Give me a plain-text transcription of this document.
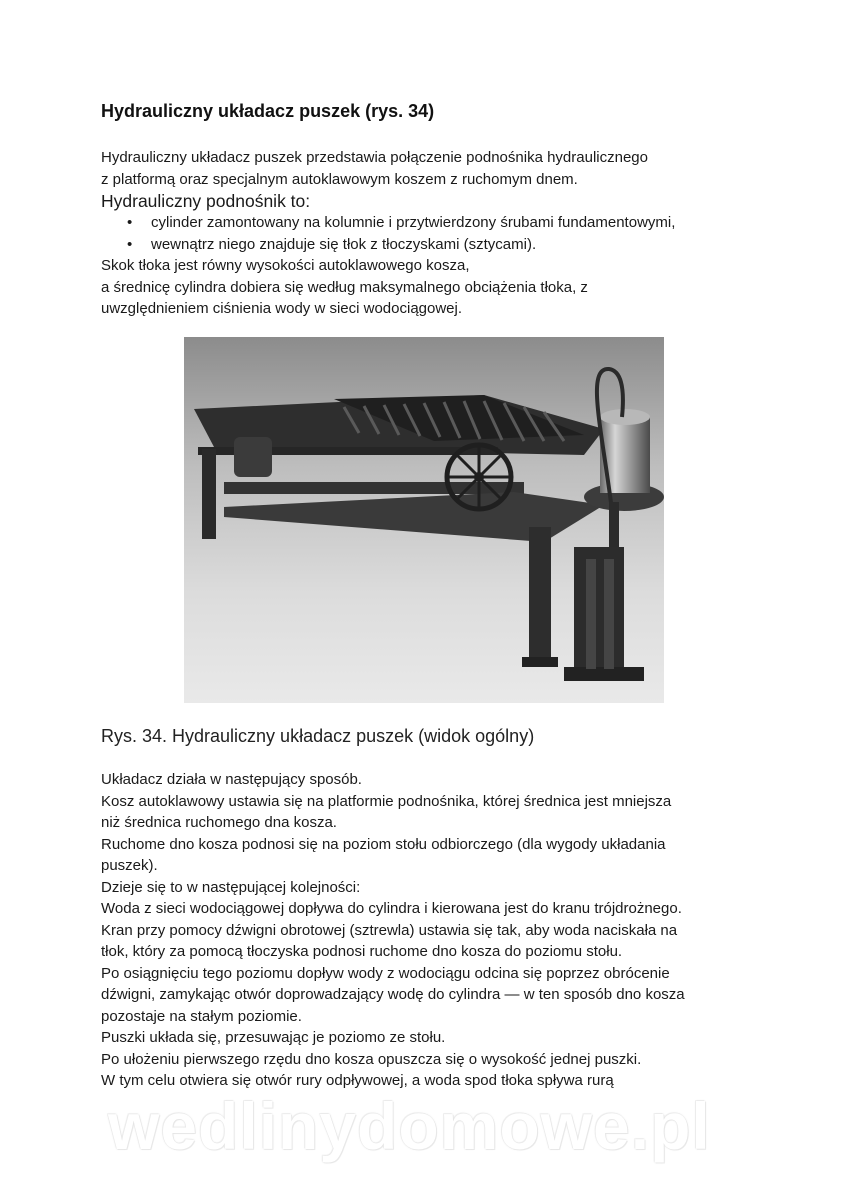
Hydrauliczny układacz puszek (rys. 34)

Hydrauliczny układacz puszek przedstawia połączenie podnośnika hydraulicznego

z platformą oraz specjalnym autoklawowym koszem z ruchomym dnem.

Hydrauliczny podnośnik to:

• cylinder zamontowany na kolumnie i przytwierdzony śrubami fundamentowymi,
• wewnątrz niego znajduje się tłok z tłoczyskami (sztycami).

Skok tłoka jest równy wysokości autoklawowego kosza,

a średnicę cylindra dobiera się według maksymalnego obciążenia tłoka, z

uwzględnieniem ciśnienia wody w sieci wodociągowej.

Rys. 34. Hydrauliczny układacz puszek (widok ogólny)

Układacz działa w następujący sposób.

Kosz autoklawowy ustawia się na platformie podnośnika, której średnica jest mniejsza

niż średnica ruchomego dna kosza.

Ruchome dno kosza podnosi się na poziom stołu odbiorczego (dla wygody układania

puszek).

Dzieje się to w następującej kolejności:

Woda z sieci wodociągowej dopływa do cylindra i kierowana jest do kranu trójdrożnego.

Kran przy pomocy dźwigni obrotowej (sztrewla) ustawia się tak, aby woda naciskała na

tłok, który za pomocą tłoczyska podnosi ruchome dno kosza do poziomu stołu.

Po osiągnięciu tego poziomu dopływ wody z wodociągu odcina się poprzez obrócenie

dźwigni, zamykając otwór doprowadzający wodę do cylindra — w ten sposób dno kosza

pozostaje na stałym poziomie.

Puszki układa się, przesuwając je poziomo ze stołu.

Po ułożeniu pierwszego rzędu dno kosza opuszcza się o wysokość jednej puszki.

W tym celu otwiera się otwór rury odpływowej, a woda spod tłoka spływa rurą

wedlinydomowe.pl
